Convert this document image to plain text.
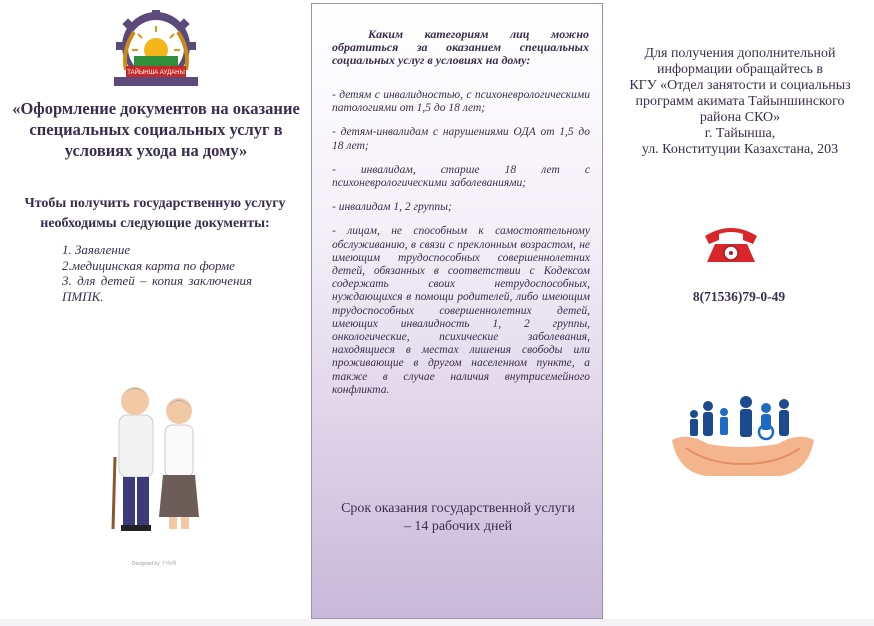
ТАЙЫНША АУДАНЫ
«Оформление документов на оказание специальных социальных услуг в условиях ухода на дому»
Чтобы получить государственную услугу необходимы следующие документы:
1. Заявление
2.медицинская карта по форме
3. для детей – копия заключения ПМПК.
Designed by 千库网
Каким категориям лиц можно обратиться за оказанием специальных социальных услуг в условиях на дому:
- детям с инвалидностью, с психоневрологическими патологиями от 1,5 до 18 лет;
- детям-инвалидам с нарушениями ОДА от 1,5 до 18 лет;
- инвалидам, старше 18 лет с психоневрологическими заболеваниями;
- инвалидам 1, 2 группы;
- лицам, не способным к самостоятельному обслуживанию, в связи с преклонным возрастом, не имеющим трудоспособных совершеннолетних детей, обязанных в соответствии с Кодексом содержать своих нетрудоспособных, нуждающихся в помощи родителей, либо имеющим трудоспособных совершеннолетних детей, имеющих инвалидность 1, 2 группы, онкологические, психические заболевания, находящиеся в местах лишения свободы или проживающие в другом населенном пункте, а также в случае наличия внутрисемейного конфликта.
Срок оказания государственной услуги – 14 рабочих дней
Для получения дополнительной
информации обращайтесь в
КГУ «Отдел занятости и социальныз
программ акимата Тайыншинского
района СКО»
г. Тайынша,
ул. Конституции Казахстана, 203
8(71536)79-0-49
